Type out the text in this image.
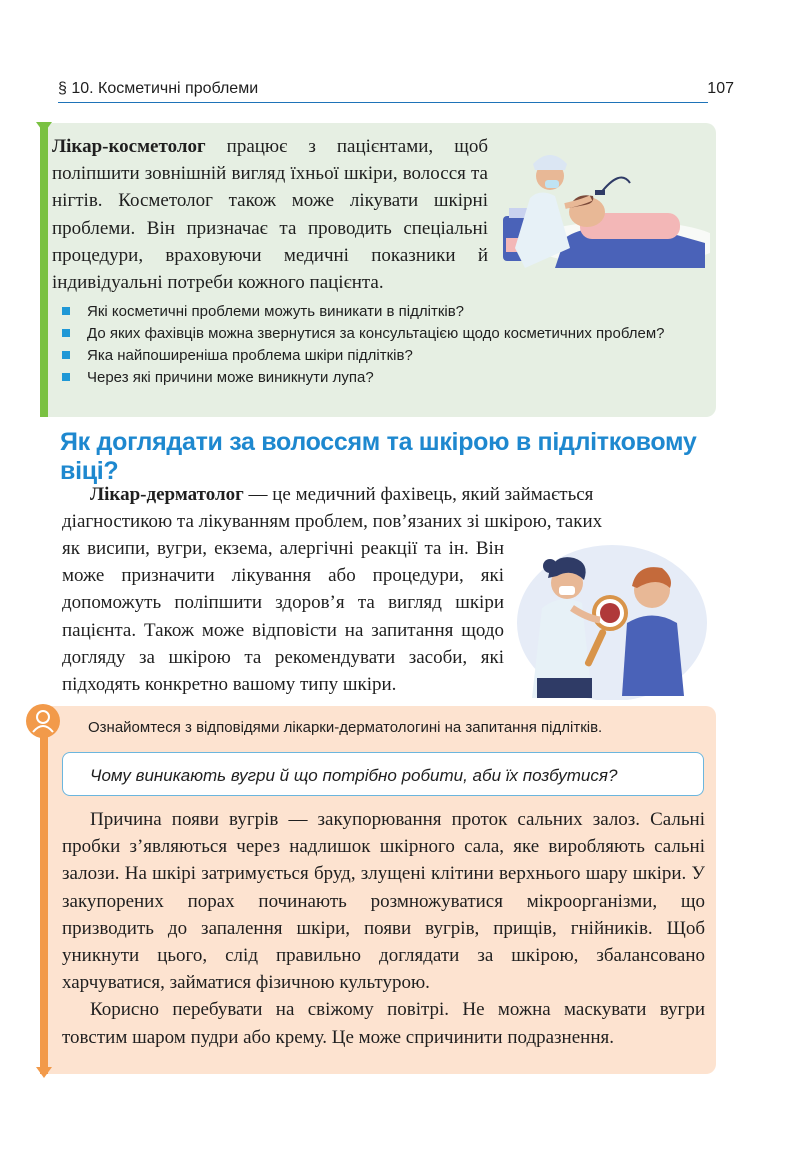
§ 10. Косметичні проблеми	107
Лікар-косметолог працює з пацієнтами, щоб поліпшити зовнішній вигляд їхньої шкіри, волосся та нігтів. Косметолог також може лікувати шкірні проблеми. Він призначає та проводить спеціальні процедури, враховуючи медичні показники й індивідуальні потреби кожного пацієнта.
Які косметичні проблеми можуть виникати в підлітків?
До яких фахівців можна звернутися за консультацією щодо косметичних проблем?
Яка найпоширеніша проблема шкіри підлітків?
Через які причини може виникнути лупа?
Як доглядати за волоссям та шкірою в підлітковому віці?
Лікар-дерматолог — це медичний фахівець, який займається
діагностикою та лікуванням проблем, пов’язаних зі шкірою, таких
як висипи, вугри, екзема, алергічні реакції та ін. Він може призначити лікування або процедури, які допоможуть поліпшити здоров’я та вигляд шкіри пацієнта. Також може відповісти на запитання щодо догляду за шкірою та рекомендувати засоби, які підходять конкретно вашому типу шкіри.
Ознайомтеся з відповідями лікарки-дерматологині на запитання підлітків.
Чому виникають вугри й що потрібно робити, аби їх позбутися?

Причина появи вугрів — закупорювання проток сальних залоз. Сальні пробки з’являються через надлишок шкірного сала, яке виробляють сальні залози. На шкірі затримується бруд, злущені клітини верхнього шару шкіри. У закупорених порах починають розмножуватися мікроорганізми, що призводить до запалення шкіри, появи вугрів, прищів, гнійників. Щоб уникнути цього, слід правильно доглядати за шкірою, збалансовано харчуватися, займатися фізичною культурою.

Корисно перебувати на свіжому повітрі. Не можна маскувати вугри товстим шаром пудри або крему. Це може спричинити подразнення.
